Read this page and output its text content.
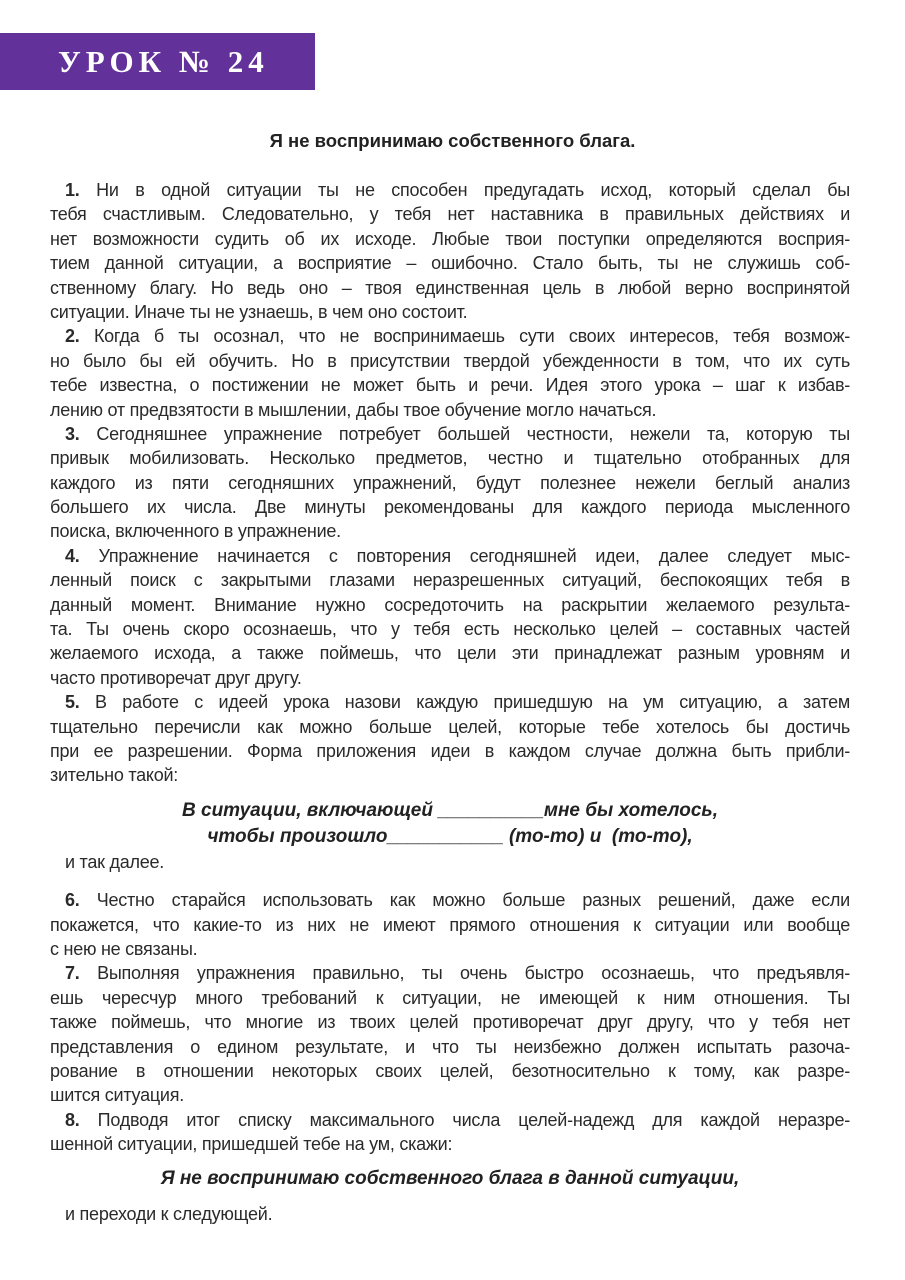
УРОК № 24
Я не воспринимаю собственного блага.
1. Ни в одной ситуации ты не способен предугадать исход, который сделал бы
тебя счастливым. Следовательно, у тебя нет наставника в правильных действиях и
нет возможности судить об их исходе. Любые твои поступки определяются восприя-
тием данной ситуации, а восприятие – ошибочно. Стало быть, ты не служишь соб-
ственному благу. Но ведь оно – твоя единственная цель в любой верно воспринятой
ситуации. Иначе ты не узнаешь, в чем оно состоит.
2. Когда б ты осознал, что не воспринимаешь сути своих интересов, тебя возмож-
но было бы ей обучить. Но в присутствии твердой убежденности в том, что их суть
тебе известна, о постижении не может быть и речи. Идея этого урока – шаг к избав-
лению от предвзятости в мышлении, дабы твое обучение могло начаться.
3. Сегодняшнее упражнение потребует большей честности, нежели та, которую ты
привык мобилизовать. Несколько предметов, честно и тщательно отобранных для
каждого из пяти сегодняшних упражнений, будут полезнее нежели беглый анализ
большего их числа. Две минуты рекомендованы для каждого периода мысленного
поиска, включенного в упражнение.
4. Упражнение начинается с повторения сегодняшней идеи, далее следует мыс-
ленный поиск с закрытыми глазами неразрешенных ситуаций, беспокоящих тебя в
данный момент. Внимание нужно сосредоточить на раскрытии желаемого результа-
та. Ты очень скоро осознаешь, что у тебя есть несколько целей – составных частей
желаемого исхода, а также поймешь, что цели эти принадлежат разным уровням и
часто противоречат друг другу.
5. В работе с идеей урока назови каждую пришедшую на ум ситуацию, а затем
тщательно перечисли как можно больше целей, которые тебе хотелось бы достичь
при ее разрешении. Форма приложения идеи в каждом случае должна быть прибли-
зительно такой:
В ситуации, включающей __________мне бы хотелось,
чтобы произошло___________ (то-то) и  (то-то),
и так далее.
6. Честно старайся использовать как можно больше разных решений, даже если
покажется, что какие-то из них не имеют прямого отношения к ситуации или вообще
с нею не связаны.
7. Выполняя упражнения правильно, ты очень быстро осознаешь, что предъявля-
ешь чересчур много требований к ситуации, не имеющей к ним отношения. Ты
также поймешь, что многие из твоих целей противоречат друг другу, что у тебя нет
представления о едином результате, и что ты неизбежно должен испытать разоча-
рование в отношении некоторых своих целей, безотносительно к тому, как разре-
шится ситуация.
8. Подводя итог списку максимального числа целей-надежд для каждой неразре-
шенной ситуации, пришедшей тебе на ум, скажи:
Я не воспринимаю собственного блага в данной ситуации,
и переходи к следующей.
